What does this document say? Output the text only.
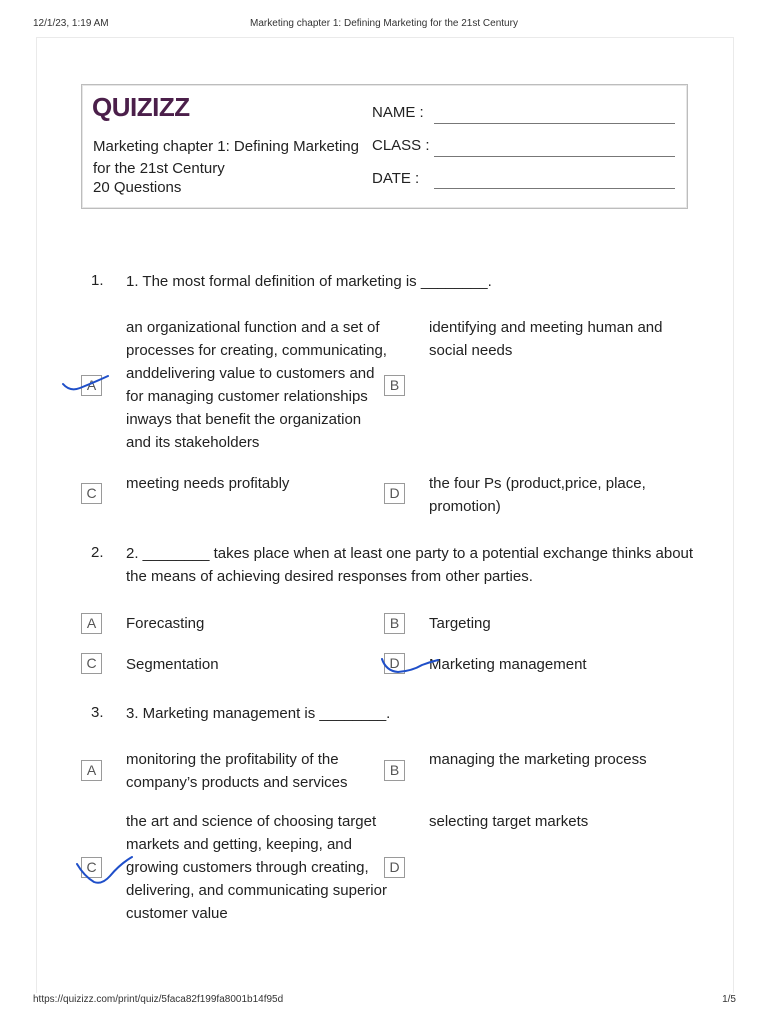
12/1/23, 1:19 AM	Marketing chapter 1: Defining Marketing for the 21st Century
https://quizizz.com/print/quiz/5faca82f199fa8001b14f95d	1/5
QUIZIZZ
Marketing chapter 1: Defining Marketing for the 21st Century
20 Questions
NAME :
CLASS :
DATE :
1. 1. The most formal definition of marketing is ________.
A
an organizational function and a set of processes for creating, communicating, anddelivering value to customers and for managing customer relationships inways that benefit the organization and its stakeholders
B
identifying and meeting human and social needs
C
meeting needs profitably
D
the four Ps (product,price, place, promotion)
2. 2. ________ takes place when at least one party to a potential exchange thinks about the means of achieving desired responses from other parties.
A	Forecasting	B	Targeting
C	Segmentation	D	Marketing management
3. 3. Marketing management is ________.
A
monitoring the profitability of the company’s products and services
B
managing the marketing process
C
the art and science of choosing target markets and getting, keeping, and growing customers through creating, delivering, and communicating superior customer value
D
selecting target markets
